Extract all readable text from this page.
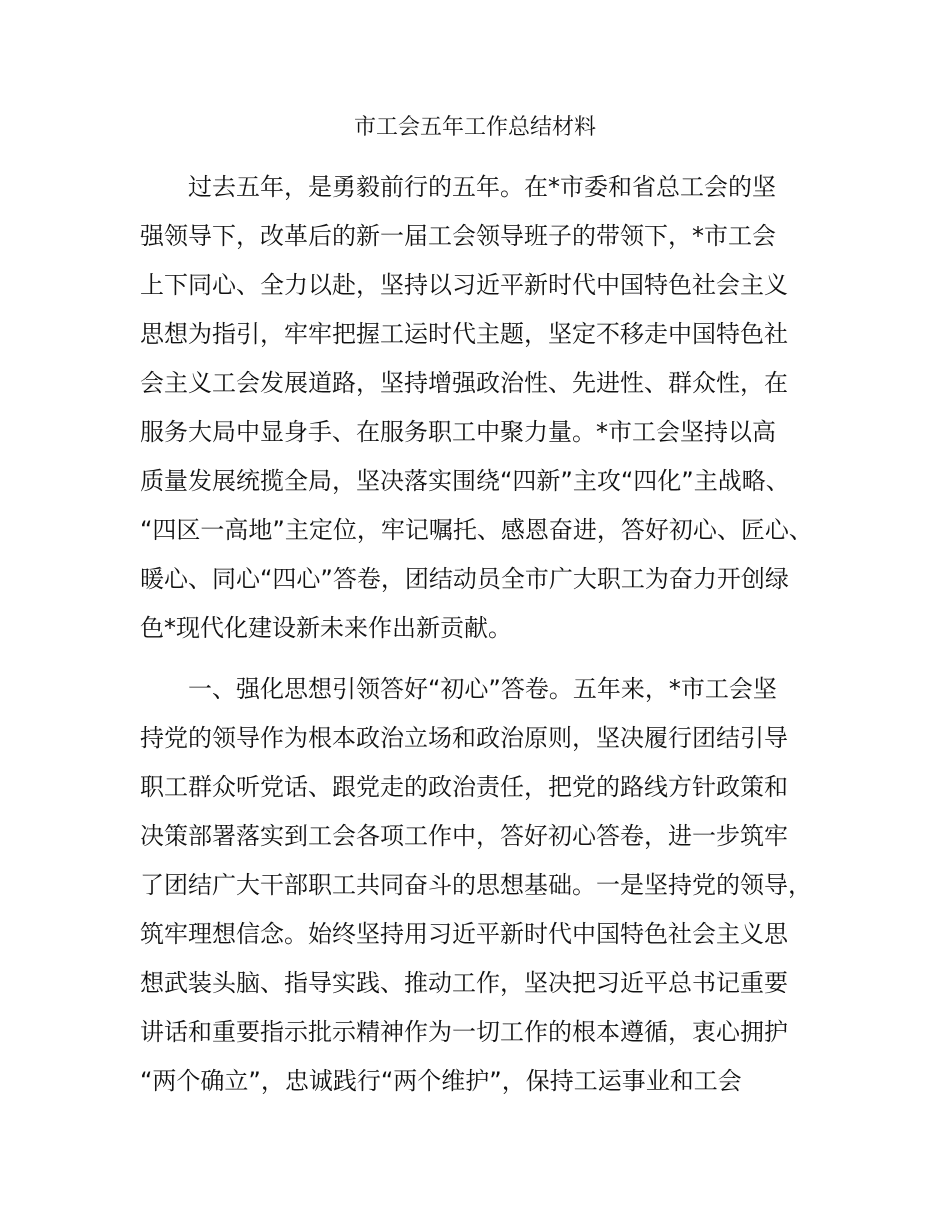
市工会五年工作总结材料

过去五年，是勇毅前行的五年。在*市委和省总工会的坚

强领导下，改革后的新一届工会领导班子的带领下，*市工会

上下同心、全力以赴，坚持以习近平新时代中国特色社会主义

思想为指引，牢牢把握工运时代主题，坚定不移走中国特色社

会主义工会发展道路，坚持增强政治性、先进性、群众性，在

服务大局中显身手、在服务职工中聚力量。*市工会坚持以高

质量发展统揽全局，坚决落实围绕“四新”主攻“四化”主战略、

“四区一高地”主定位，牢记嘱托、感恩奋进，答好初心、匠心、

暖心、同心“四心”答卷，团结动员全市广大职工为奋力开创绿

色*现代化建设新未来作出新贡献。

一、强化思想引领答好“初心”答卷。五年来，*市工会坚

持党的领导作为根本政治立场和政治原则，坚决履行团结引导

职工群众听党话、跟党走的政治责任，把党的路线方针政策和

决策部署落实到工会各项工作中，答好初心答卷，进一步筑牢

了团结广大干部职工共同奋斗的思想基础。一是坚持党的领导，

筑牢理想信念。始终坚持用习近平新时代中国特色社会主义思

想武装头脑、指导实践、推动工作，坚决把习近平总书记重要

讲话和重要指示批示精神作为一切工作的根本遵循，衷心拥护

“两个确立”，忠诚践行“两个维护”，保持工运事业和工会
